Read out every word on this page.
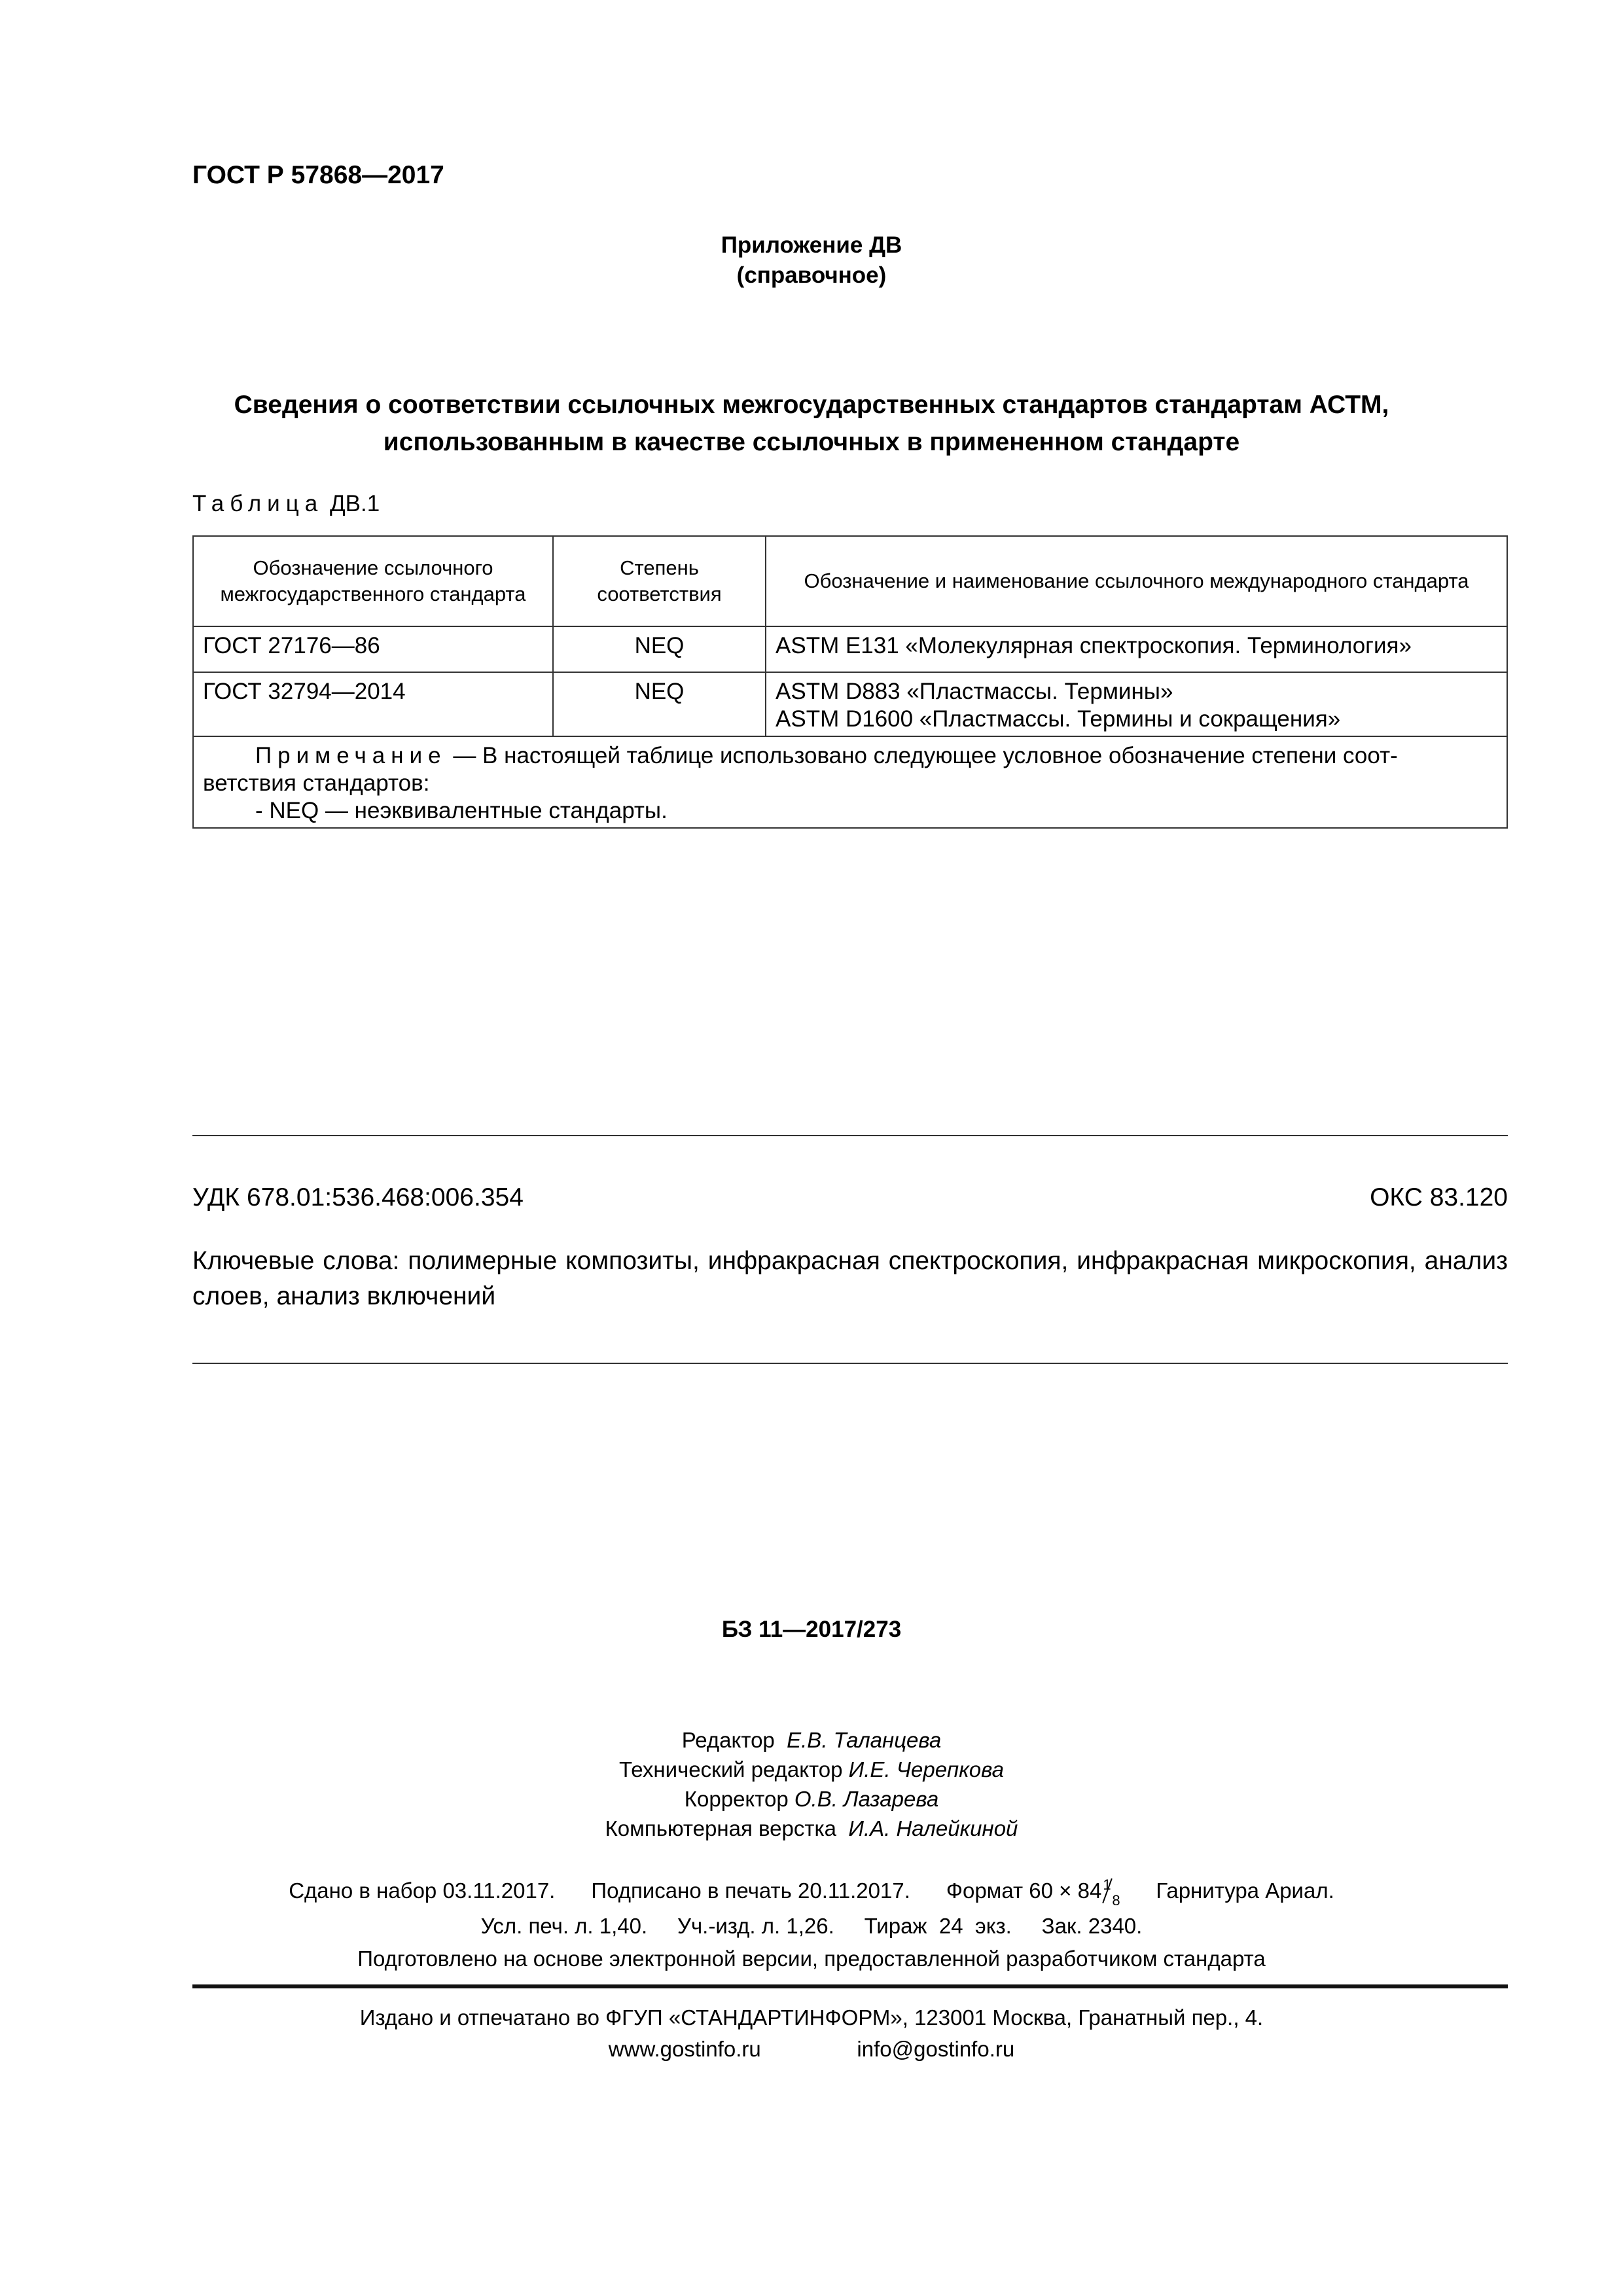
ГОСТ Р 57868—2017
Приложение ДВ
(справочное)
Сведения о соответствии ссылочных межгосударственных стандартов стандартам АСТМ,
использованным в качестве ссылочных в примененном стандарте
Таблица ДВ.1
Обозначение ссылочного межгосударственного стандарта	Степень соответствия	Обозначение и наименование ссылочного международного стандарта
ГОСТ 27176—86	NEQ	ASTM E131 «Молекулярная спектроскопия. Терминология»

ГОСТ 32794—2014	NEQ	ASTM D883 «Пластмассы. Термины»
ASTM D1600 «Пластмассы. Термины и сокращения»

Примечание — В настоящей таблице использовано следующее условное обозначение степени соот-
ветствия стандартов:
- NEQ — неэквивалентные стандарты.		
УДК 678.01:536.468:006.354	ОКС 83.120
Ключевые слова: полимерные композиты, инфракрасная спектроскопия, инфракрасная микроскопия, анализ слоев, анализ включений
БЗ 11—2017/273
Редактор Е.В. Таланцева
Технический редактор И.Е. Черепкова
Корректор О.В. Лазарева
Компьютерная верстка И.А. Налейкиной
Сдано в набор 03.11.2017. Подписано в печать 20.11.2017. Формат 60 × 84 1
8 Гарнитура Ариал.
Усл. печ. л. 1,40.     Уч.-изд. л. 1,26.     Тираж  24  экз.     Зак. 2340.
Подготовлено на основе электронной версии, предоставленной разработчиком стандарта
Издано и отпечатано во ФГУП «СТАНДАРТИНФОРМ», 123001 Москва, Гранатный пер., 4.
www.gostinfo.ru	info@gostinfo.ru
